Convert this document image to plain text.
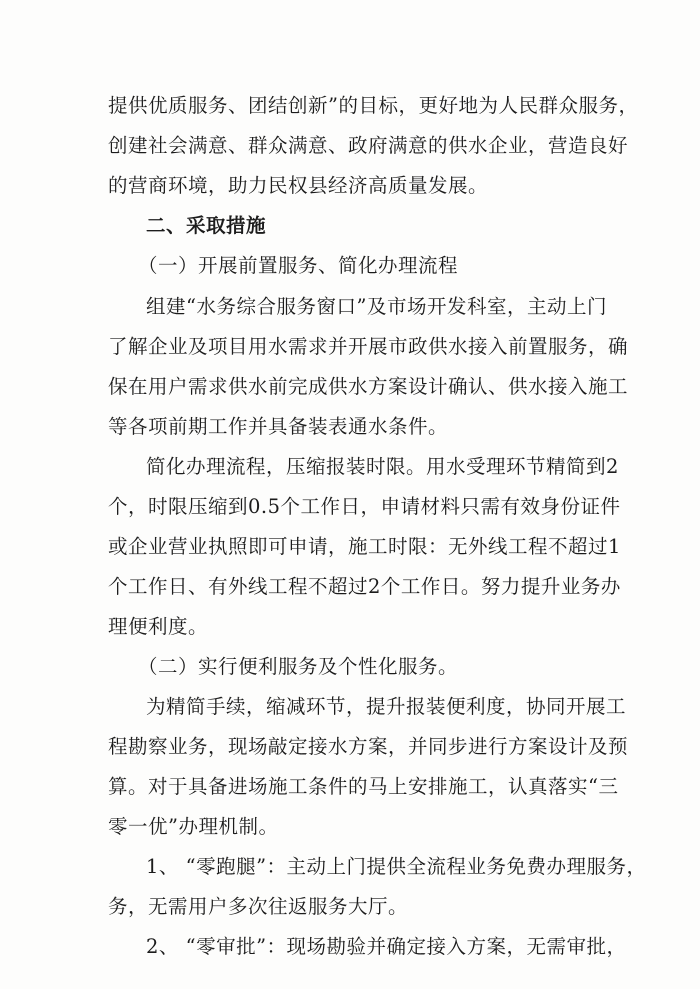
提供优质服务、团结创新”的目标，更好地为人民群众服务，
创建社会满意、群众满意、政府满意的供水企业，营造良好
的营商环境，助力民权县经济高质量发展。
二、采取措施
（一）开展前置服务、简化办理流程
组建“水务综合服务窗口”及市场开发科室，主动上门
了解企业及项目用水需求并开展市政供水接入前置服务，确
保在用户需求供水前完成供水方案设计确认、供水接入施工
等各项前期工作并具备装表通水条件。
简化办理流程，压缩报装时限。用水受理环节精简到2
个，时限压缩到0.5个工作日，申请材料只需有效身份证件
或企业营业执照即可申请，施工时限：无外线工程不超过1
个工作日、有外线工程不超过2个工作日。努力提升业务办
理便利度。
（二）实行便利服务及个性化服务。
为精简手续，缩减环节，提升报装便利度，协同开展工
程勘察业务，现场敲定接水方案，并同步进行方案设计及预
算。对于具备进场施工条件的马上安排施工，认真落实“三
零一优”办理机制。
1、 “零跑腿”：主动上门提供全流程业务免费办理服务，
务，无需用户多次往返服务大厅。
2、 “零审批”：现场勘验并确定接入方案，无需审批，
